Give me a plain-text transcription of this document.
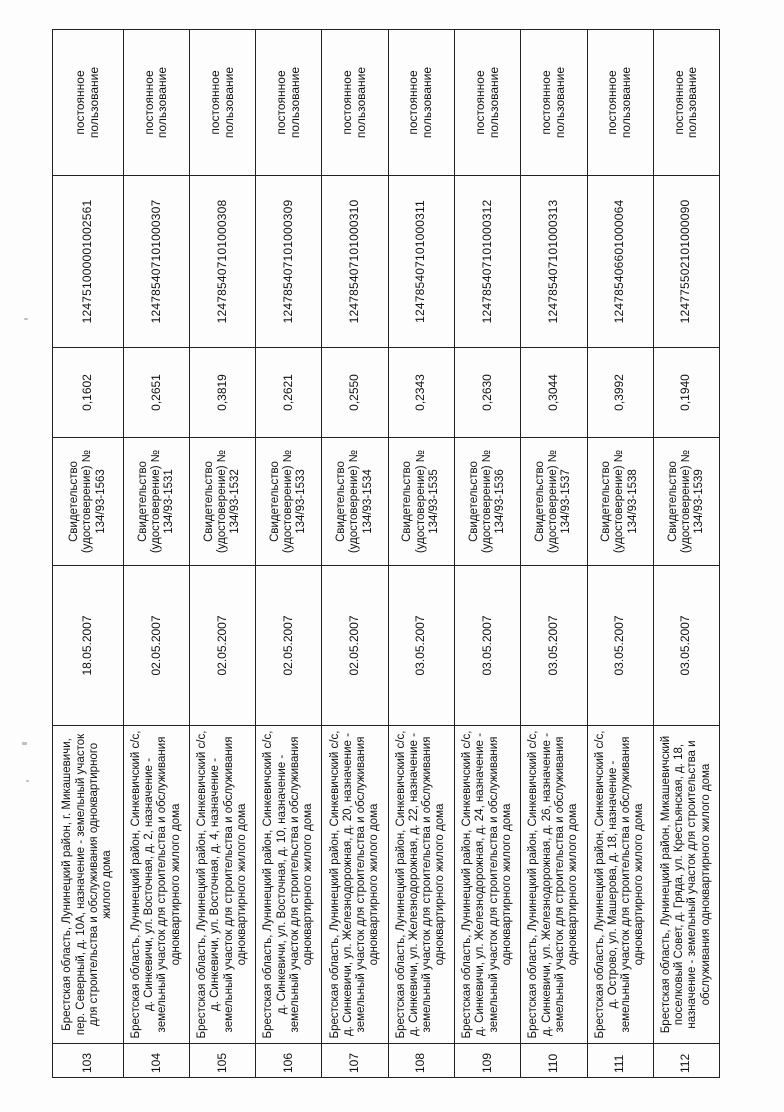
103	Брестская область, Лунинецкий район, г. Микашевичи, пер. Северный, д. 10А, назначение - земельный участок для строительства и обслуживания одноквартирного жилого дома	18.05.2007	Свидетельство (удостоверение) № 134/93-1563	0,1602	124751000001002561	постоянное пользование
104	Брестская область, Лунинецкий район, Синкевичский с/с, д. Синкевичи, ул. Восточная, д. 2, назначение - земельный участок для строительства и обслуживания одноквартирного жилого дома	02.05.2007	Свидетельство (удостоверение) № 134/93-1531	0,2651	124785407101000307	постоянное пользование
105	Брестская область, Лунинецкий район, Синкевичский с/с, д. Синкевичи, ул. Восточная, д. 4, назначение - земельный участок для строительства и обслуживания одноквартирного жилого дома	02.05.2007	Свидетельство (удостоверение) № 134/93-1532	0,3819	124785407101000308	постоянное пользование
106	Брестская область, Лунинецкий район, Синкевичский с/с, д. Синкевичи, ул. Восточная, д. 10, назначение - земельный участок для строительства и обслуживания одноквартирного жилого дома	02.05.2007	Свидетельство (удостоверение) № 134/93-1533	0,2621	124785407101000309	постоянное пользование
107	Брестская область, Лунинецкий район, Синкевичский с/с, д. Синкевичи, ул. Железнодорожная, д. 20, назначение - земельный участок для строительства и обслуживания одноквартирного жилого дома	02.05.2007	Свидетельство (удостоверение) № 134/93-1534	0,2550	124785407101000310	постоянное пользование
108	Брестская область, Лунинецкий район, Синкевичский с/с, д. Синкевичи, ул. Железнодорожная, д. 22, назначение - земельный участок для строительства и обслуживания одноквартирного жилого дома	03.05.2007	Свидетельство (удостоверение) № 134/93-1535	0,2343	124785407101000311	постоянное пользование
109	Брестская область, Лунинецкий район, Синкевичский с/с, д. Синкевичи, ул. Железнодорожная, д. 24, назначение - земельный участок для строительства и обслуживания одноквартирного жилого дома	03.05.2007	Свидетельство (удостоверение) № 134/93-1536	0,2630	124785407101000312	постоянное пользование
110	Брестская область, Лунинецкий район, Синкевичский с/с, д. Синкевичи, ул. Железнодорожная, д. 26, назначение - земельный участок для строительства и обслуживания одноквартирного жилого дома	03.05.2007	Свидетельство (удостоверение) № 134/93-1537	0,3044	124785407101000313	постоянное пользование
111	Брестская область, Лунинецкий район, Синкевичский с/с, д. Острово, ул. Машерова, д. 18, назначение - земельный участок для строительства и обслуживания одноквартирного жилого дома	03.05.2007	Свидетельство (удостоверение) № 134/93-1538	0,3992	124785406601000064	постоянное пользование
112	Брестская область, Лунинецкий район, Микашевичский поселковый Совет, д. Гряда, ул. Крестьянская, д. 18, назначение - земельный участок для строительства и обслуживания одноквартирного жилого дома	03.05.2007	Свидетельство (удостоверение) № 134/93-1539	0,1940	124775502101000090	постоянное пользование
